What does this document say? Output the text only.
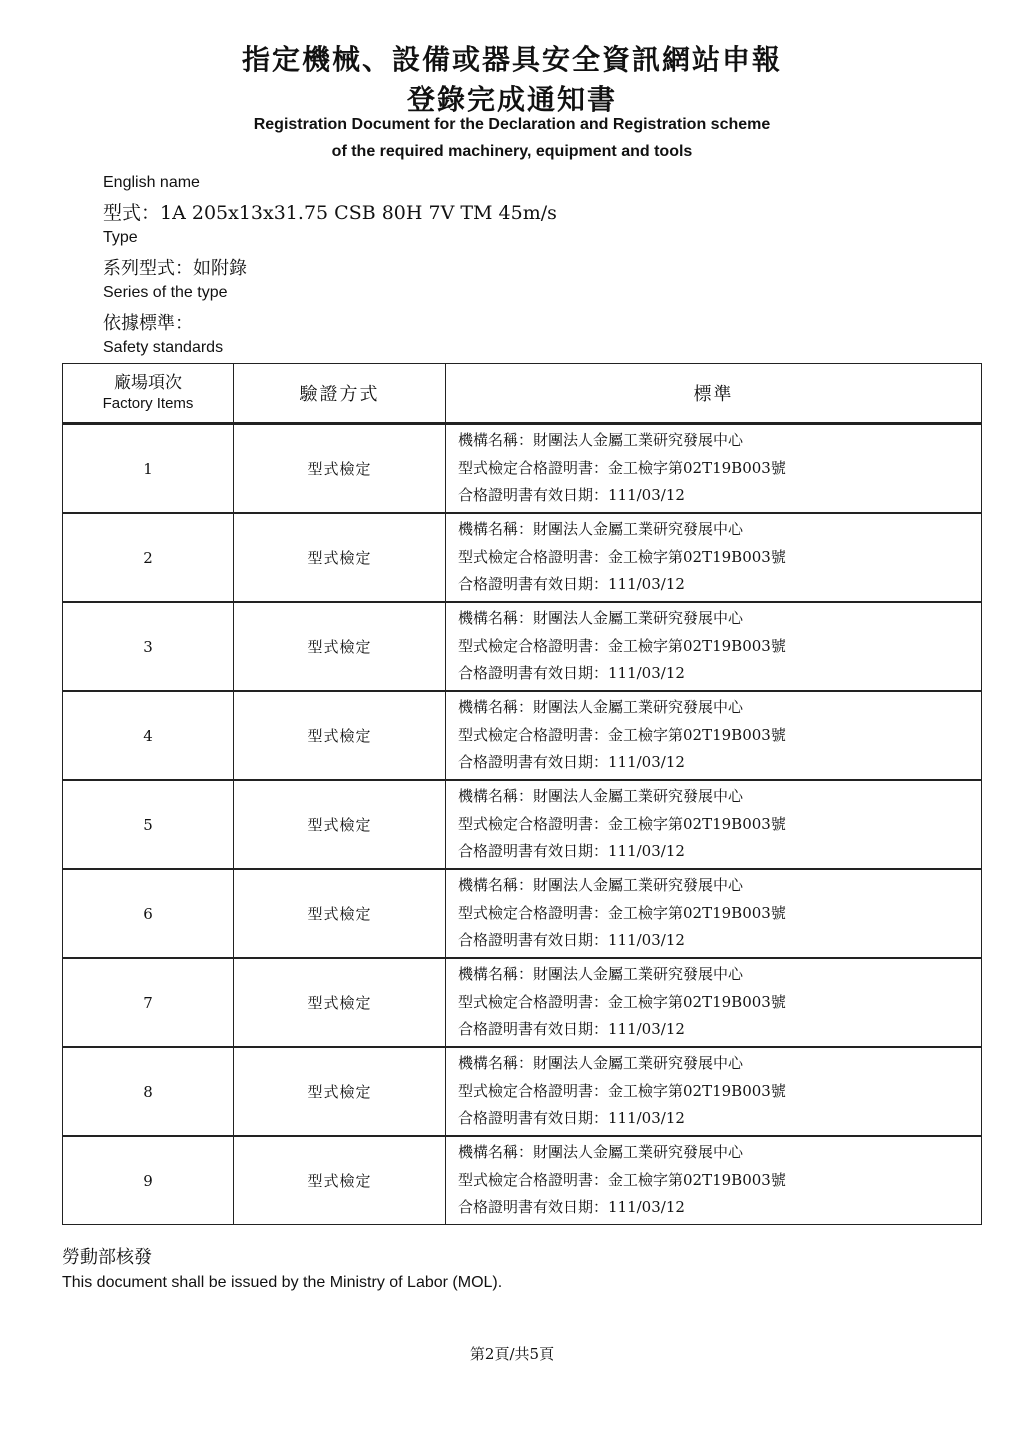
指定機械、設備或器具安全資訊網站申報
登錄完成通知書
Registration Document for the Declaration and Registration scheme
of the required machinery, equipment and tools
English name
型式：1A 205x13x31.75 CSB 80H 7V TM 45m/s
Type
系列型式：如附錄
Series of the type
依據標準：
Safety standards
廠場項次
Factory Items	驗證方式	標準
1	型式檢定	機構名稱：財團法人金屬工業研究發展中心
型式檢定合格證明書：金工檢字第02T19B003號
合格證明書有效日期：111/03/12

2	型式檢定	機構名稱：財團法人金屬工業研究發展中心
型式檢定合格證明書：金工檢字第02T19B003號
合格證明書有效日期：111/03/12

3	型式檢定	機構名稱：財團法人金屬工業研究發展中心
型式檢定合格證明書：金工檢字第02T19B003號
合格證明書有效日期：111/03/12

4	型式檢定	機構名稱：財團法人金屬工業研究發展中心
型式檢定合格證明書：金工檢字第02T19B003號
合格證明書有效日期：111/03/12

5	型式檢定	機構名稱：財團法人金屬工業研究發展中心
型式檢定合格證明書：金工檢字第02T19B003號
合格證明書有效日期：111/03/12

6	型式檢定	機構名稱：財團法人金屬工業研究發展中心
型式檢定合格證明書：金工檢字第02T19B003號
合格證明書有效日期：111/03/12

7	型式檢定	機構名稱：財團法人金屬工業研究發展中心
型式檢定合格證明書：金工檢字第02T19B003號
合格證明書有效日期：111/03/12

8	型式檢定	機構名稱：財團法人金屬工業研究發展中心
型式檢定合格證明書：金工檢字第02T19B003號
合格證明書有效日期：111/03/12

9	型式檢定	機構名稱：財團法人金屬工業研究發展中心
型式檢定合格證明書：金工檢字第02T19B003號
合格證明書有效日期：111/03/12
勞動部核發
This document shall be issued by the Ministry of Labor (MOL).
第2頁/共5頁
